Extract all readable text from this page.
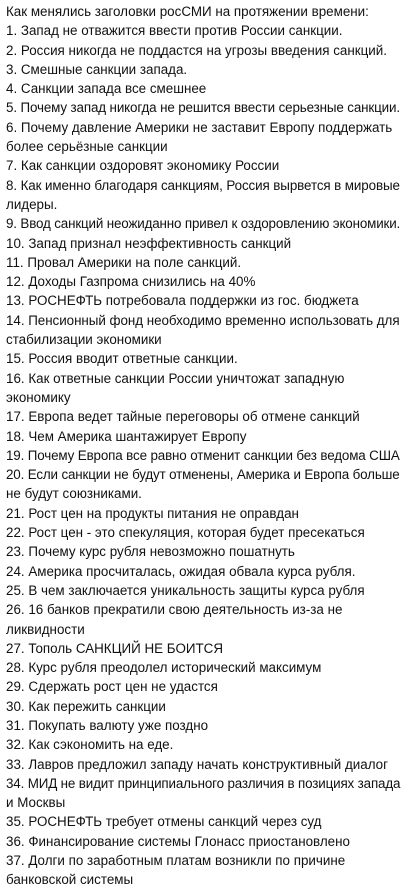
Как менялись заголовки росСМИ на протяжении времени:
1. Запад не отважится ввести против России санкции.
2. Россия никогда не поддастся на угрозы введения санкций.
3. Смешные санкции запада.
4. Санкции запада все смешнее
5. Почему запад никогда не решится ввести серьезные санкции.
6. Почему давление Америки не заставит Европу поддержать
более серьёзные санкции
7. Как санкции оздоровят экономику России
8. Как именно благодаря санкциям, Россия вырвется в мировые
лидеры.
9. Ввод санкций неожиданно привел к оздоровлению экономики.
10. Запад признал неэффективность санкций
11. Провал Америки на поле санкций.
12. Доходы Газпрома снизились на 40%
13. РОСНЕФТЬ потребовала поддержки из гос. бюджета
14. Пенсионный фонд необходимо временно использовать для
стабилизации экономики
15. Россия вводит ответные санкции.
16. Как ответные санкции России уничтожат западную
экономику
17. Европа ведет тайные переговоры об отмене санкций
18. Чем Америка шантажирует Европу
19. Почему Европа все равно отменит санкции без ведома США
20. Если санкции не будут отменены, Америка и Европа больше
не будут союзниками.
21. Рост цен на продукты питания не оправдан
22. Рост цен - это спекуляция, которая будет пресекаться
23. Почему курс рубля невозможно пошатнуть
24. Америка просчиталась, ожидая обвала курса рубля.
25. В чем заключается уникальность защиты курса рубля
26. 16 банков прекратили свою деятельность из-за не
ликвидности
27. Тополь САНКЦИЙ НЕ БОИТСЯ
28. Курс рубля преодолел исторический максимум
29. Сдержать рост цен не удастся
30. Как пережить санкции
31. Покупать валюту уже поздно
32. Как сэкономить на еде.
33. Лавров предложил западу начать конструктивный диалог
34. МИД не видит принципиального различия в позициях запада
и Москвы
35. РОСНЕФТЬ требует отмены санкций через суд
36. Финансирование системы Глонасс приостановлено
37. Долги по заработным платам возникли по причине
банковской системы
